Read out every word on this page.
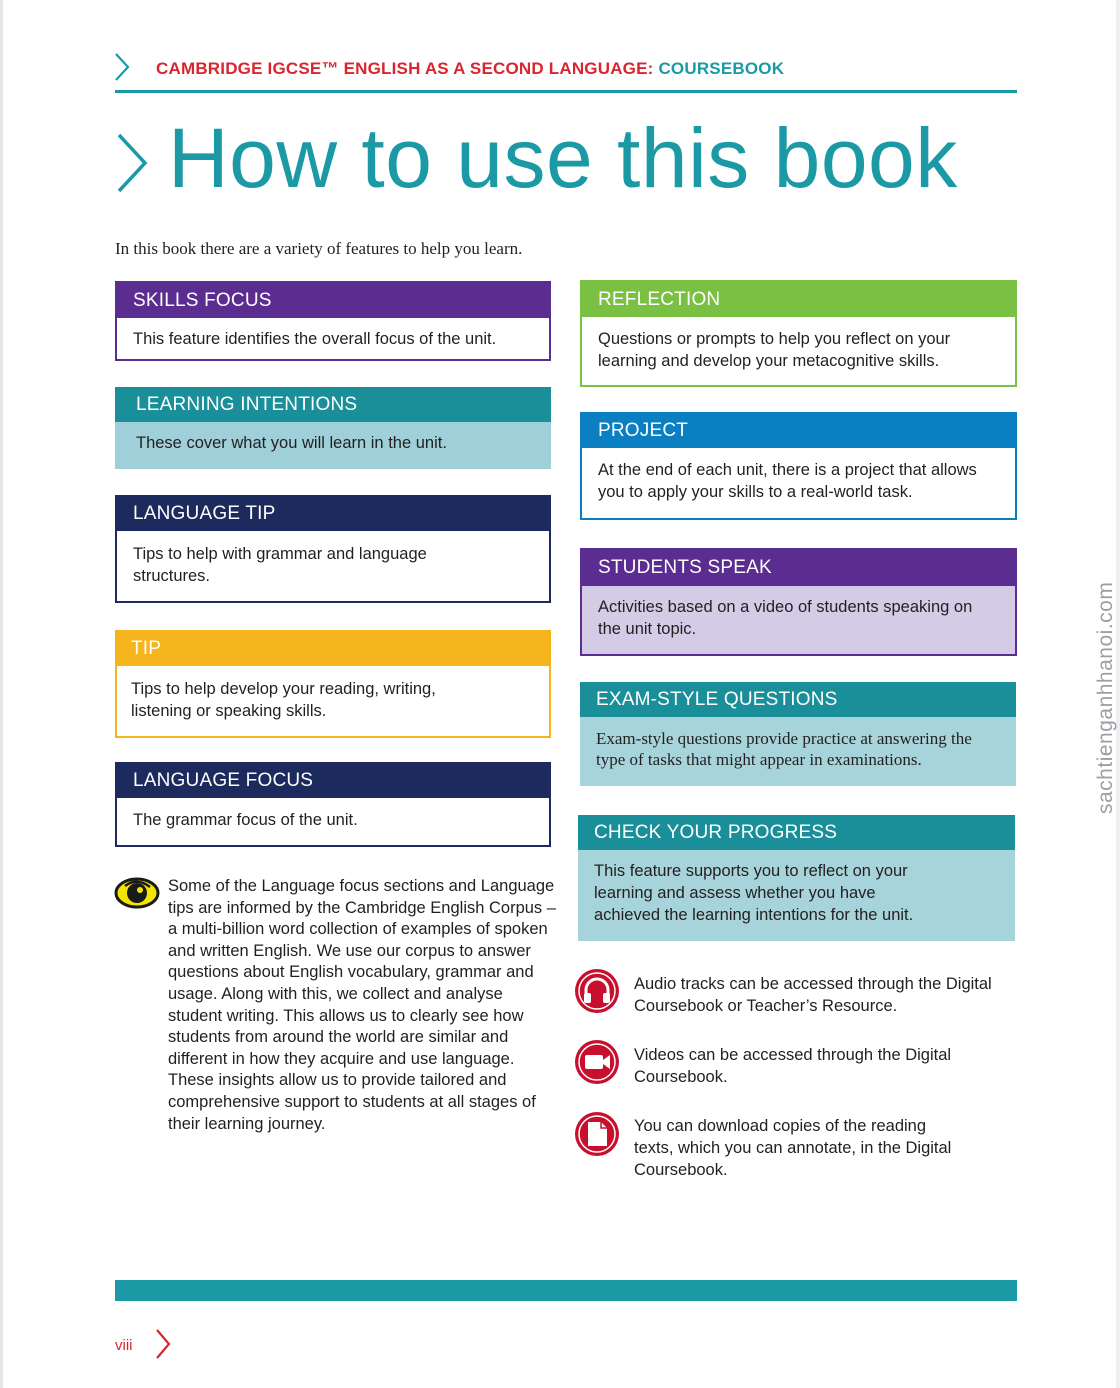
CAMBRIDGE IGCSE™ ENGLISH AS A SECOND LANGUAGE: COURSEBOOK
How to use this book
In this book there are a variety of features to help you learn.
SKILLS FOCUS
This feature identifies the overall focus of the unit.
LEARNING INTENTIONS
These cover what you will learn in the unit.
LANGUAGE TIP
Tips to help with grammar and language structures.
TIP
Tips to help develop your reading, writing, listening or speaking skills.
LANGUAGE FOCUS
The grammar focus of the unit.
Some of the Language focus sections and Language tips are informed by the Cambridge English Corpus – a multi-billion word collection of examples of spoken and written English. We use our corpus to answer questions about English vocabulary, grammar and usage. Along with this, we collect and analyse student writing. This allows us to clearly see how students from around the world are similar and different in how they acquire and use language. These insights allow us to provide tailored and comprehensive support to students at all stages of their learning journey.
REFLECTION
Questions or prompts to help you reflect on your learning and develop your metacognitive skills.
PROJECT
At the end of each unit, there is a project that allows you to apply your skills to a real-world task.
STUDENTS SPEAK
Activities based on a video of students speaking on the unit topic.
EXAM-STYLE QUESTIONS
Exam-style questions provide practice at answering the type of tasks that might appear in examinations.
CHECK YOUR PROGRESS
This feature supports you to reflect on your learning and assess whether you have achieved the learning intentions for the unit.
Audio tracks can be accessed through the Digital Coursebook or Teacher’s Resource.
Videos can be accessed through the Digital Coursebook.
You can download copies of the reading texts, which you can annotate, in the Digital Coursebook.
viii
sachtienganhhanoi.com
